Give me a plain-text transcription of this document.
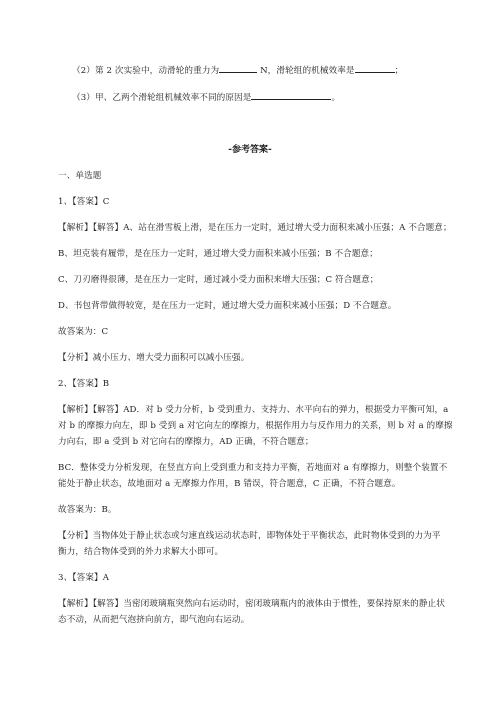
（2）第 2 次实验中，动滑轮的重力为	N，滑轮组的机械效率是	；
（3）甲、乙两个滑轮组机械效率不同的原因是	。
-参考答案-
一、单选题
1、【答案】C
【解析】【解答】A、站在滑雪板上滑，是在压力一定时，通过增大受力面积来减小压强；A 不合题意；
B、坦克装有履带，是在压力一定时，通过增大受力面积来减小压强；B 不合题意；
C、刀刃磨得很薄，是在压力一定时，通过减小受力面积来增大压强；C 符合题意；
D、书包背带做得较宽，是在压力一定时，通过增大受力面积来减小压强；D 不合题意。
故答案为：C
【分析】减小压力、增大受力面积可以减小压强。
2、【答案】B
【解析】【解答】AD．对 b 受力分析，b 受到重力、支持力、水平向右的弹力，根据受力平衡可知，a
对 b 的摩擦力向左，即 b 受到 a 对它向左的摩擦力，根据作用力与反作用力的关系，则 b 对 a 的摩擦
力向右，即 a 受到 b 对它向右的摩擦力，AD 正确，不符合题意；
BC．整体受力分析发现，在竖直方向上受到重力和支持力平衡，若地面对 a 有摩擦力，则整个装置不
能处于静止状态，故地面对 a 无摩擦力作用，B 错误，符合题意，C 正确，不符合题意。
故答案为：B。
【分析】当物体处于静止状态或匀速直线运动状态时，即物体处于平衡状态，此时物体受到的力为平
衡力，结合物体受到的外力求解大小即可。
3、【答案】A
【解析】【解答】当密闭玻璃瓶突然向右运动时，密闭玻璃瓶内的液体由于惯性，要保持原来的静止状
态不动，从而把气泡挤向前方，即气泡向右运动。
